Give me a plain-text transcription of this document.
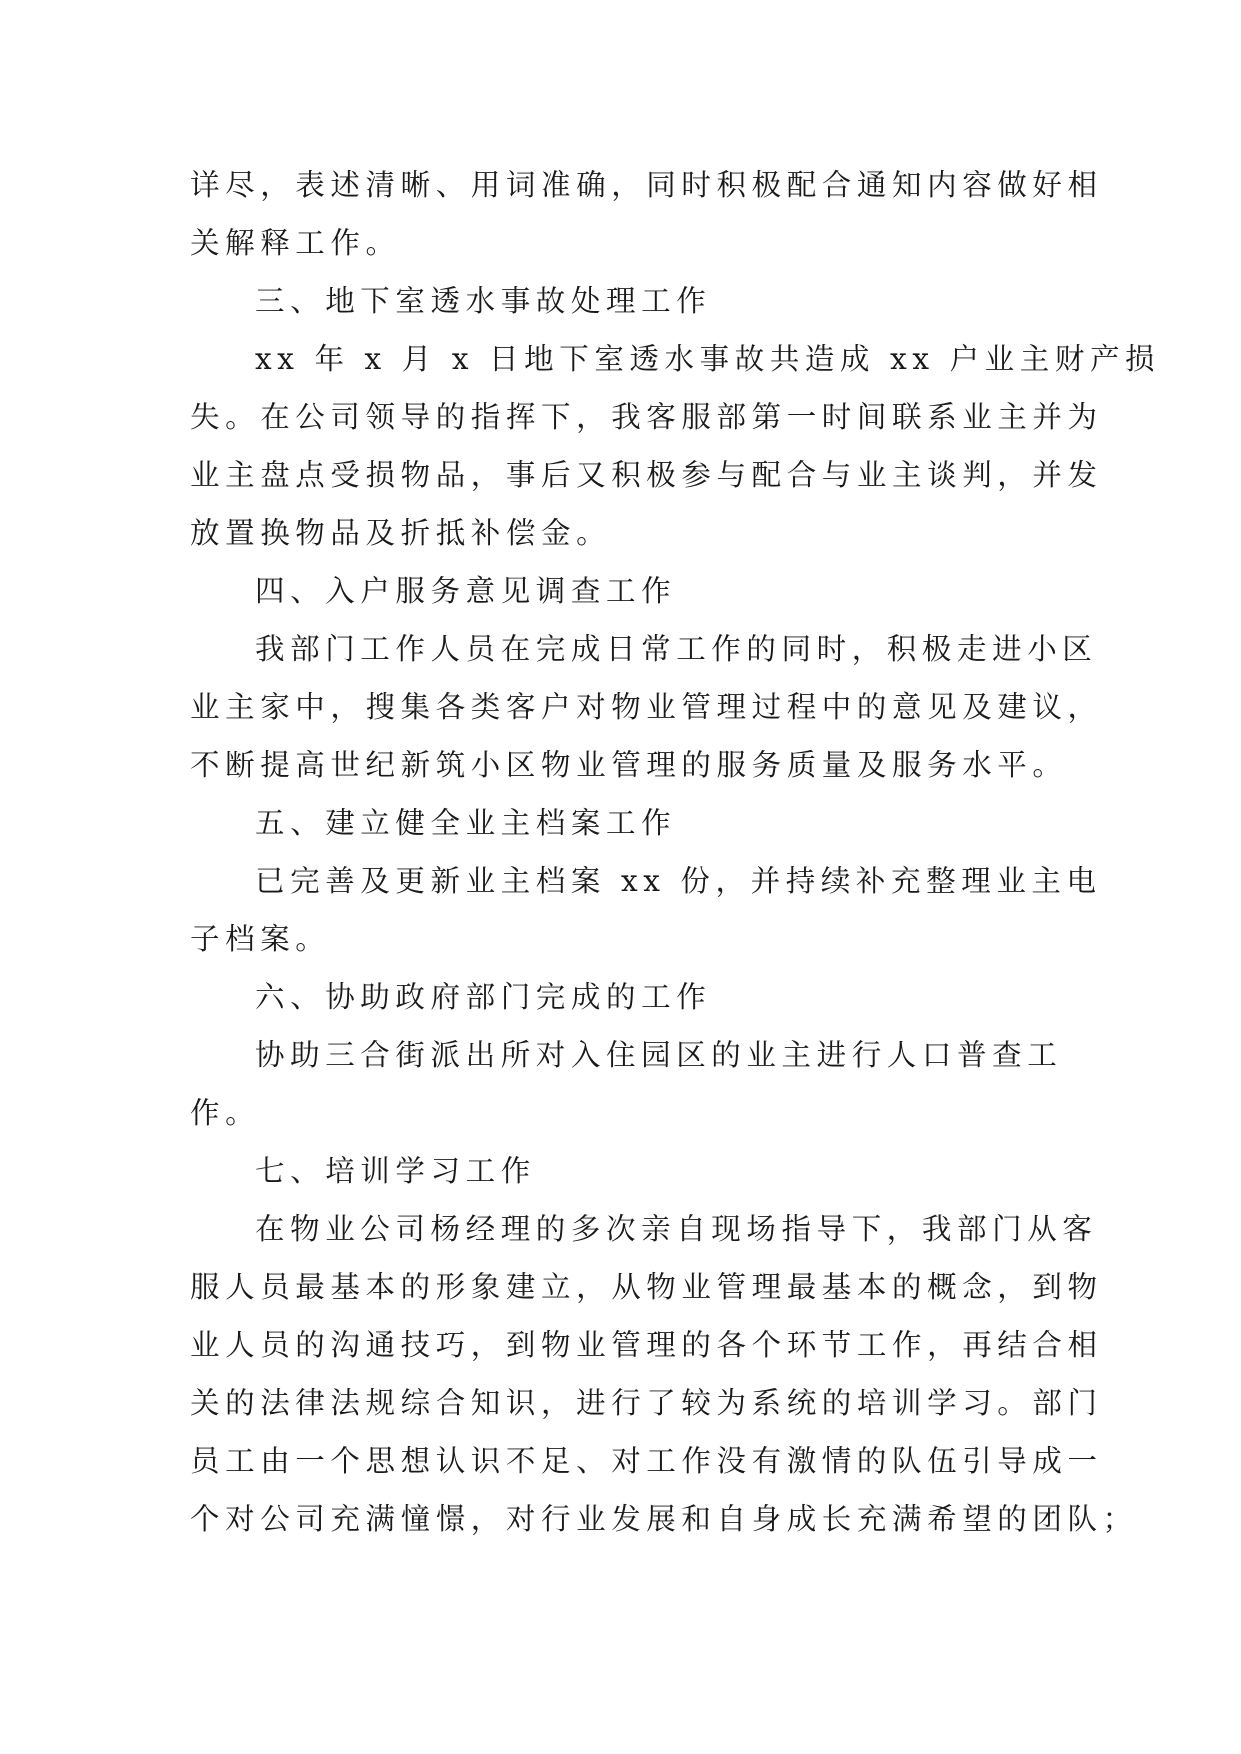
详尽，表述清晰、用词准确，同时积极配合通知内容做好相
关解释工作。
三、地下室透水事故处理工作
xx 年 x 月 x 日地下室透水事故共造成 xx 户业主财产损
失。在公司领导的指挥下，我客服部第一时间联系业主并为
业主盘点受损物品，事后又积极参与配合与业主谈判，并发
放置换物品及折抵补偿金。
四、入户服务意见调查工作
我部门工作人员在完成日常工作的同时，积极走进小区
业主家中，搜集各类客户对物业管理过程中的意见及建议，
不断提高世纪新筑小区物业管理的服务质量及服务水平。
五、建立健全业主档案工作
已完善及更新业主档案 xx 份，并持续补充整理业主电
子档案。
六、协助政府部门完成的工作
协助三合街派出所对入住园区的业主进行人口普查工
作。
七、培训学习工作
在物业公司杨经理的多次亲自现场指导下，我部门从客
服人员最基本的形象建立，从物业管理最基本的概念，到物
业人员的沟通技巧，到物业管理的各个环节工作，再结合相
关的法律法规综合知识，进行了较为系统的培训学习。部门
员工由一个思想认识不足、对工作没有激情的队伍引导成一
个对公司充满憧憬，对行业发展和自身成长充满希望的团队；
